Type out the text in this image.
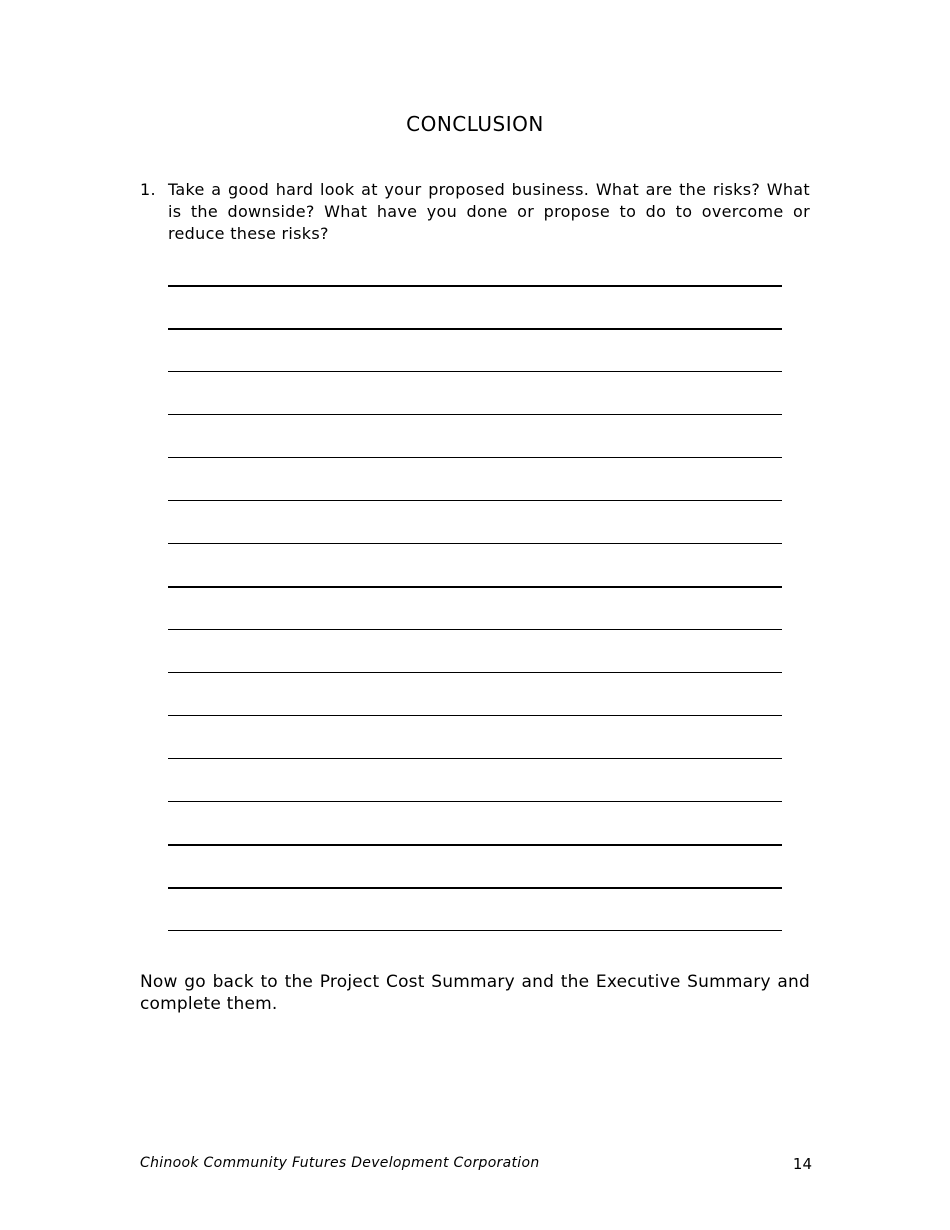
CONCLUSION
1. Take a good hard look at your proposed business. What are the risks? What is the downside? What have you done or propose to do to overcome or reduce these risks?
Now go back to the Project Cost Summary and the Executive Summary and complete them.
Chinook Community Futures Development Corporation	14
